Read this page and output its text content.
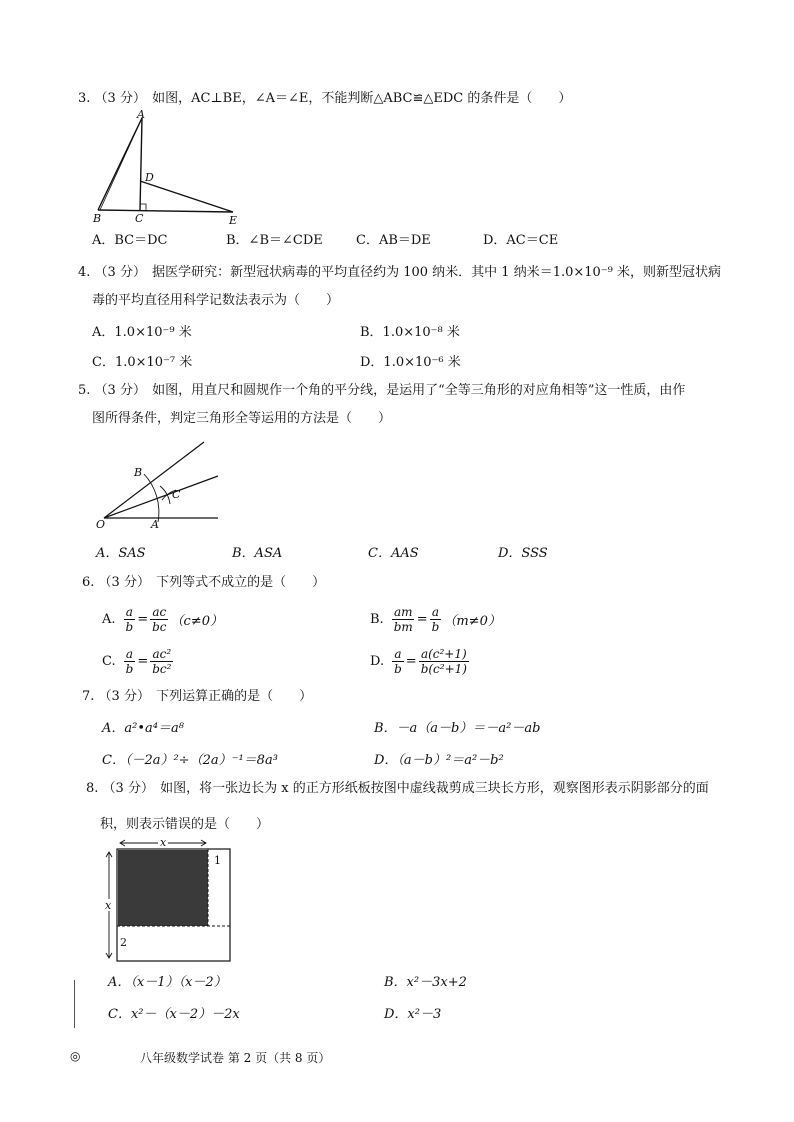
3. （3 分） 如图，AC⊥BE，∠A＝∠E，不能判断△ABC≌△EDC 的条件是（　　）
A
D
B	C	E
A．BC＝DC	B．∠B＝∠CDE	C．AB＝DE	D．AC＝CE
4. （3 分） 据医学研究：新型冠状病毒的平均直径约为 100 纳米．其中 1 纳米＝1.0×10⁻⁹ 米，则新型冠状病
毒的平均直径用科学记数法表示为（　　）
A．1.0×10⁻⁹ 米	B．1.0×10⁻⁸ 米
C．1.0×10⁻⁷ 米	D．1.0×10⁻⁶ 米
5. （3 分） 如图，用直尺和圆规作一个角的平分线，是运用了“全等三角形的对应角相等”这一性质，由作
图所得条件，判定三角形全等运用的方法是（　　）
O	A
B
C
A．SAS	B．ASA	C．AAS	D．SSS
6. （3 分） 下列等式不成立的是（　　）
A. $\frac{a}{b} = \frac{ac}{bc} (c\ne 0)$	B. $\frac{am}{bm} = \frac{a}{b} (m\ne 0)$
C. $\frac{a}{b} = \frac{\text{ac²}}{\text{bc²}}$	D. $\frac{a}{b} = \frac{\text{a(c²+1)}}{\text{b(c²+1)}}$
7. （3 分） 下列运算正确的是（　　）
A．a²•a⁴＝a⁸	B．－a（a－b）＝－a²－ab
C．（－2a）²÷（2a）⁻¹＝8a³	D．（a－b）²＝a²－b²
8. （3 分） 如图，将一张边长为 x 的正方形纸板按图中虚线裁剪成三块长方形，观察图形表示阴影部分的面
积，则表示错误的是（　　）
x
x
1
2
A．（x－1）（x－2）	B．x²－3x+2
C．x²－（x－2）－2x	D．x²－3
◎	八年级数学试卷 第 2 页（共 8 页）
